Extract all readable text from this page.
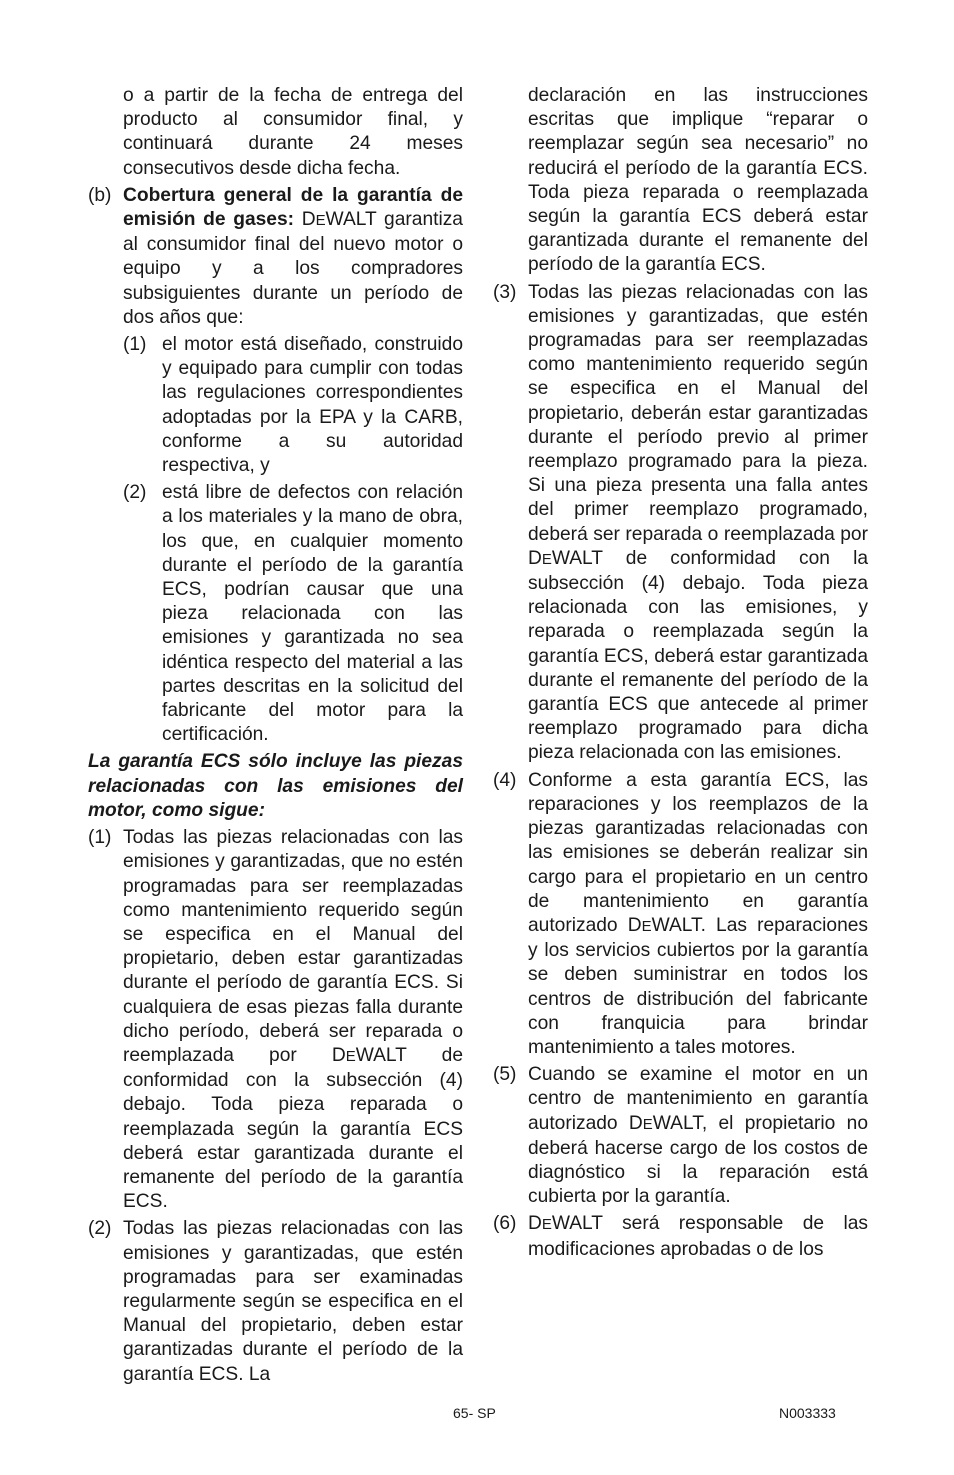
o a partir de la fecha de entrega del producto al consumidor final, y continuará durante 24 meses consecutivos desde dicha fecha.

(b) Cobertura general de la garantía de emisión de gases: DEWALT garantiza al consumidor final del nuevo motor o equipo y a los compradores subsiguientes durante un período de dos años que:
(1) el motor está diseñado, construido y equipado para cumplir con todas las regulaciones correspondientes adoptadas por la EPA y la CARB, conforme a su autoridad respectiva, y
(2) está libre de defectos con relación a los materiales y la mano de obra, los que, en cualquier momento durante el período de la garantía ECS, podrían causar que una pieza relacionada con las emisiones y garantizada no sea idéntica respecto del material a las partes descritas en la solicitud del fabricante del motor para la certificación.

La garantía ECS sólo incluye las piezas relacionadas con las emisiones del motor, como sigue:

(1) Todas las piezas relacionadas con las emisiones y garantizadas, que no estén programadas para ser reemplazadas como mantenimiento requerido según se especifica en el Manual del propietario, deben estar garantizadas durante el período de garantía ECS. Si cualquiera de esas piezas falla durante dicho período, deberá ser reparada o reemplazada por DEWALT de conformidad con la subsección (4) debajo. Toda pieza reparada o reemplazada según la garantía ECS deberá estar garantizada durante el remanente del período de la garantía ECS.
(2) Todas las piezas relacionadas con las emisiones y garantizadas, que estén programadas para ser examinadas regularmente según se especifica en el Manual del propietario, deben estar garantizadas durante el período de la garantía ECS. La

declaración en las instrucciones escritas que implique “reparar o reemplazar según sea necesario” no reducirá el período de la garantía ECS. Toda pieza reparada o reemplazada según la garantía ECS deberá estar garantizada durante el remanente del período de la garantía ECS.

(3) Todas las piezas relacionadas con las emisiones y garantizadas, que estén programadas para ser reemplazadas como mantenimiento requerido según se especifica en el Manual del propietario, deberán estar garantizadas durante el período previo al primer reemplazo programado para la pieza. Si una pieza presenta una falla antes del primer reemplazo programado, deberá ser reparada o reemplazada por DEWALT de conformidad con la subsección (4) debajo. Toda pieza relacionada con las emisiones, y reparada o reemplazada según la garantía ECS, deberá estar garantizada durante el remanente del período de la garantía ECS que antecede al primer reemplazo programado para dicha pieza relacionada con las emisiones.
(4) Conforme a esta garantía ECS, las reparaciones y los reemplazos de la piezas garantizadas relacionadas con las emisiones se deberán realizar sin cargo para el propietario en un centro de mantenimiento en garantía autorizado DEWALT. Las reparaciones y los servicios cubiertos por la garantía se deben suministrar en todos los centros de distribución del fabricante con franquicia para brindar mantenimiento a tales motores.
(5) Cuando se examine el motor en un centro de mantenimiento en garantía autorizado DEWALT, el propietario no deberá hacerse cargo de los costos de diagnóstico si la reparación está cubierta por la garantía.
(6) DEWALT será responsable de las modificaciones aprobadas o de los
65- SP	N003333
